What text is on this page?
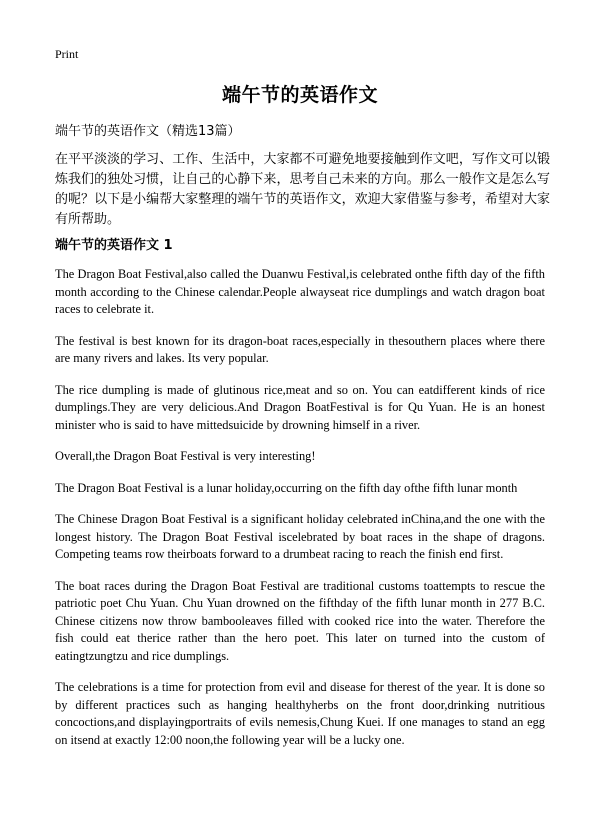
Print
端午节的英语作文
端午节的英语作文（精选13篇）
在平平淡淡的学习、工作、生活中，大家都不可避免地要接触到作文吧，写作文可以锻炼我们的独处习惯，让自己的心静下来，思考自己未来的方向。那么一般作文是怎么写的呢？以下是小编帮大家整理的端午节的英语作文，欢迎大家借鉴与参考，希望对大家有所帮助。
端午节的英语作文 1

The Dragon Boat Festival,also called the Duanwu Festival,is celebrated onthe fifth day of the fifth month according to the Chinese calendar.People alwayseat rice dumplings and watch dragon boat races to celebrate it.

The festival is best known for its dragon-boat races,especially in thesouthern places where there are many rivers and lakes. Its very popular.

The rice dumpling is made of glutinous rice,meat and so on. You can eatdifferent kinds of rice dumplings.They are very delicious.And Dragon BoatFestival is for Qu Yuan. He is an honest minister who is said to have mittedsuicide by drowning himself in a river.

Overall,the Dragon Boat Festival is very interesting!

The Dragon Boat Festival is a lunar holiday,occurring on the fifth day ofthe fifth lunar month

The Chinese Dragon Boat Festival is a significant holiday celebrated inChina,and the one with the longest history. The Dragon Boat Festival iscelebrated by boat races in the shape of dragons. Competing teams row theirboats forward to a drumbeat racing to reach the finish end first.

The boat races during the Dragon Boat Festival are traditional customs toattempts to rescue the patriotic poet Chu Yuan. Chu Yuan drowned on the fifthday of the fifth lunar month in 277 B.C. Chinese citizens now throw bambooleaves filled with cooked rice into the water. Therefore the fish could eat therice rather than the hero poet. This later on turned into the custom of eatingtzungtzu and rice dumplings.

The celebrations is a time for protection from evil and disease for therest of the year. It is done so by different practices such as hanging healthyherbs on the front door,drinking nutritious concoctions,and displayingportraits of evils nemesis,Chung Kuei. If one manages to stand an egg on itsend at exactly 12:00 noon,the following year will be a lucky one.
